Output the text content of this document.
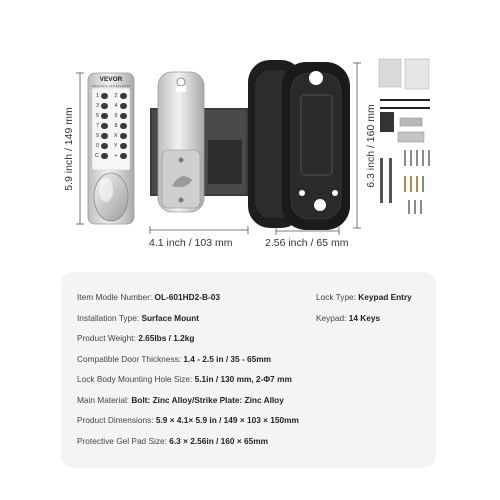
VEVOR
MECHANICAL KEYLESS ENTRY
1	2
3	4
5	6
7	8
9	X
0	Y
C	+
5.9 inch / 149 mm
4.1 inch / 103 mm
6.3 inch / 160 mm
2.56 inch / 65 mm
Item Modle Number: OL-601HD2-B-03
Installation Type: Surface Mount
Product Weight: 2.65lbs / 1.2kg
Compatible Door Thickness: 1.4 - 2.5 in / 35 - 65mm
Lock Body Mounting Hole Size: 5.1in / 130 mm, 2-Φ7 mm
Main Material: Bolt: Zinc Alloy/Strike Plate: Zinc Alloy
Product Dimensions: 5.9 × 4.1× 5.9 in / 149 × 103 × 150mm
Protective Gel Pad Size: 6.3 × 2.56in / 160 × 65mm
Lock Type: Keypad Entry
Keypad: 14 Keys
